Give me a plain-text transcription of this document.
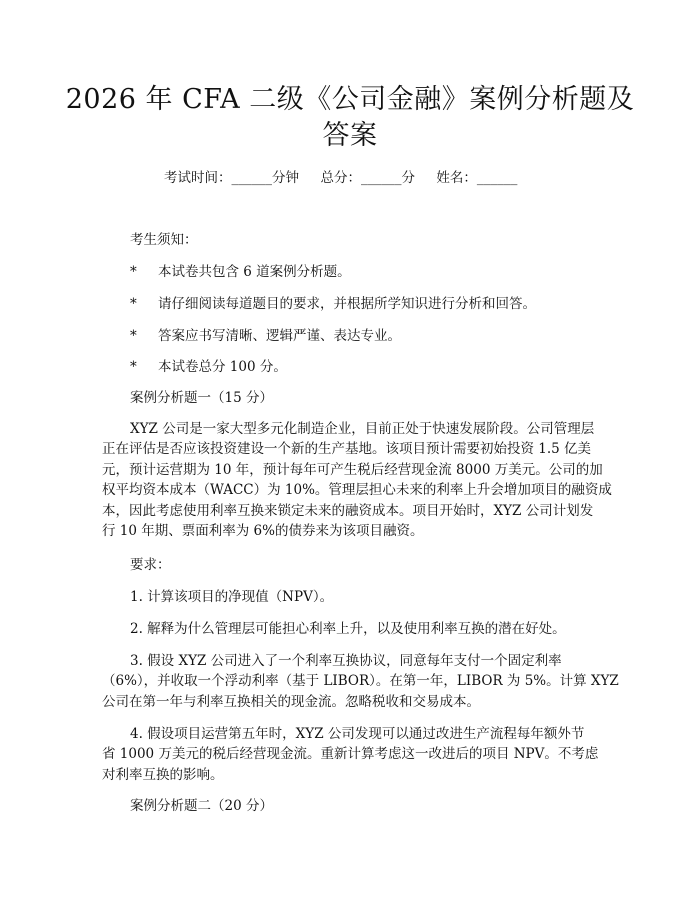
2026 年 CFA 二级《公司金融》案例分析题及
答案
考试时间：______分钟     总分：______分     姓名：______
考生须知：
* 本试卷共包含 6 道案例分析题。
* 请仔细阅读每道题目的要求，并根据所学知识进行分析和回答。
* 答案应书写清晰、逻辑严谨、表达专业。
* 本试卷总分 100 分。
案例分析题一（15 分）
XYZ 公司是一家大型多元化制造企业，目前正处于快速发展阶段。公司管理层
正在评估是否应该投资建设一个新的生产基地。该项目预计需要初始投资 1.5 亿美
元，预计运营期为 10 年，预计每年可产生税后经营现金流 8000 万美元。公司的加
权平均资本成本（WACC）为 10%。管理层担心未来的利率上升会增加项目的融资成
本，因此考虑使用利率互换来锁定未来的融资成本。项目开始时，XYZ 公司计划发
行 10 年期、票面利率为 6%的债券来为该项目融资。
要求：
1. 计算该项目的净现值（NPV）。
2. 解释为什么管理层可能担心利率上升，以及使用利率互换的潜在好处。
3. 假设 XYZ 公司进入了一个利率互换协议，同意每年支付一个固定利率
（6%），并收取一个浮动利率（基于 LIBOR）。在第一年，LIBOR 为 5%。计算 XYZ
公司在第一年与利率互换相关的现金流。忽略税收和交易成本。
4. 假设项目运营第五年时，XYZ 公司发现可以通过改进生产流程每年额外节
省 1000 万美元的税后经营现金流。重新计算考虑这一改进后的项目 NPV。不考虑
对利率互换的影响。
案例分析题二（20 分）
